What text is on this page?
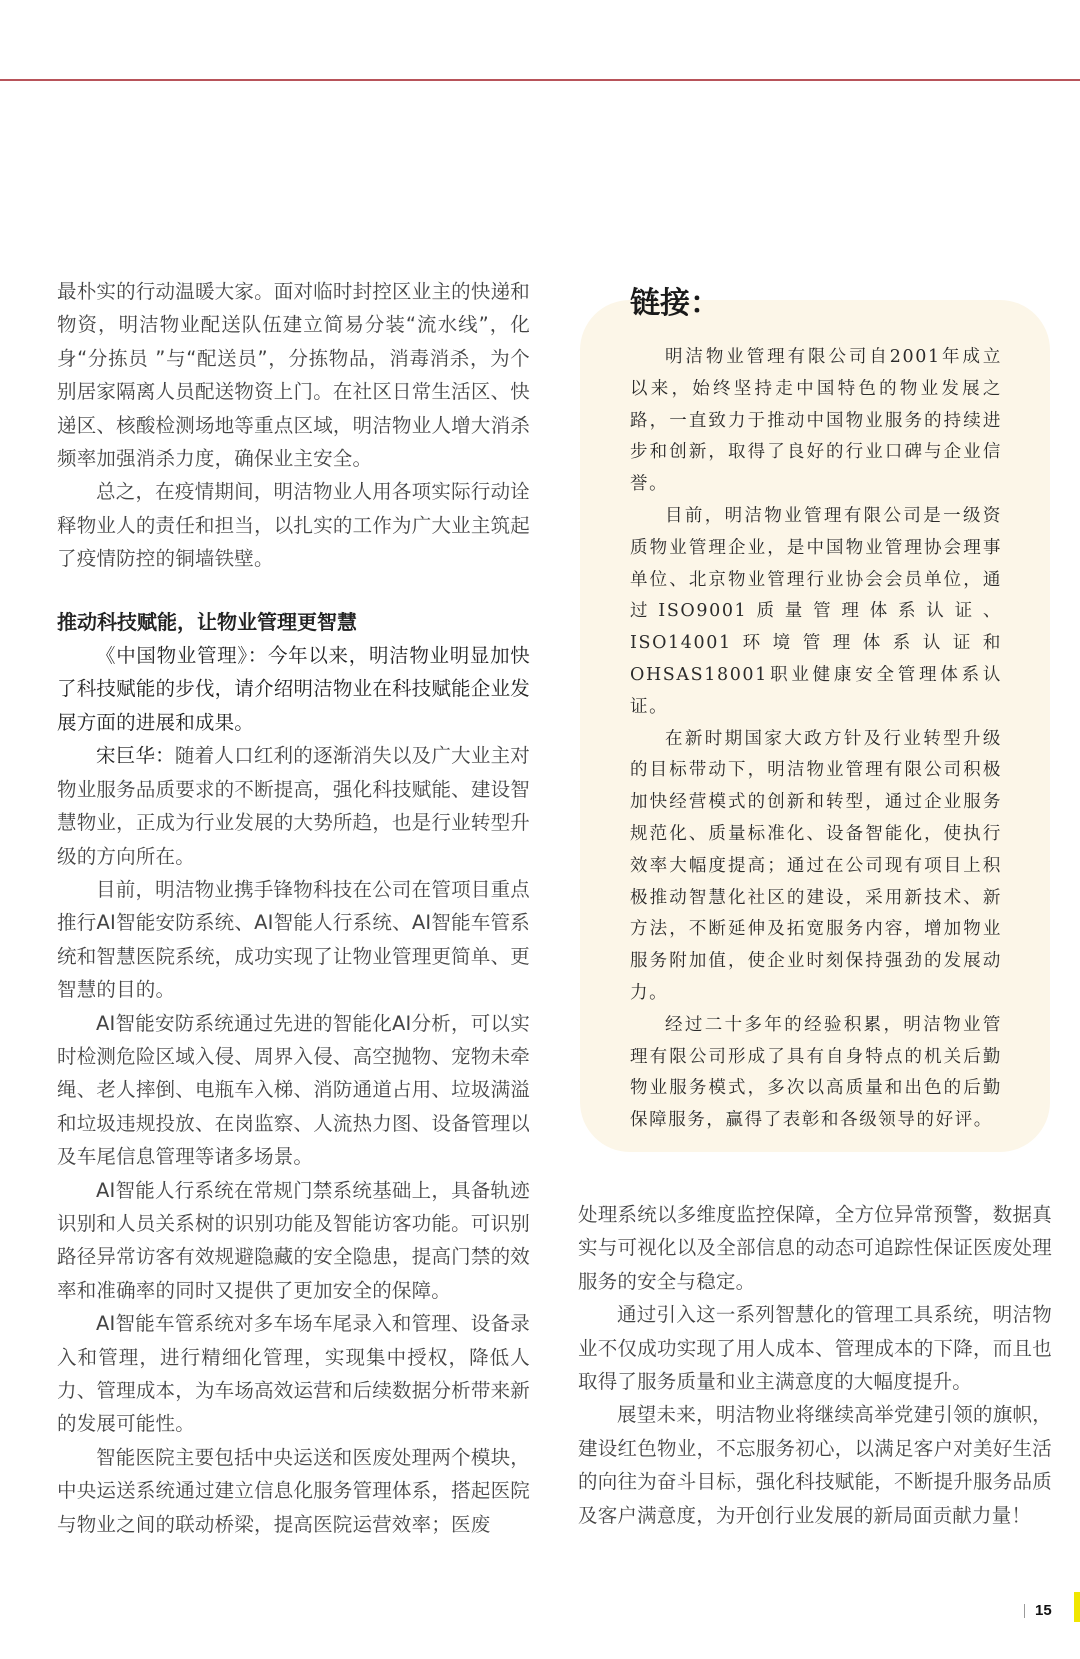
最朴实的行动温暖大家。面对临时封控区业主的快递和物资，明洁物业配送队伍建立简易分装“流水线”，化身“分拣员 ”与“配送员”，分拣物品，消毒消杀，为个别居家隔离人员配送物资上门。在社区日常生活区、快递区、核酸检测场地等重点区域，明洁物业人增大消杀频率加强消杀力度，确保业主安全。

总之，在疫情期间，明洁物业人用各项实际行动诠释物业人的责任和担当，以扎实的工作为广大业主筑起了疫情防控的铜墙铁壁。

推动科技赋能，让物业管理更智慧

《中国物业管理》：今年以来，明洁物业明显加快了科技赋能的步伐，请介绍明洁物业在科技赋能企业发展方面的进展和成果。

宋巨华：随着人口红利的逐渐消失以及广大业主对物业服务品质要求的不断提高，强化科技赋能、建设智慧物业，正成为行业发展的大势所趋，也是行业转型升级的方向所在。

目前，明洁物业携手锋物科技在公司在管项目重点推行AI智能安防系统、AI智能人行系统、AI智能车管系统和智慧医院系统，成功实现了让物业管理更简单、更智慧的目的。

AI智能安防系统通过先进的智能化AI分析，可以实时检测危险区域入侵、周界入侵、高空抛物、宠物未牵绳、老人摔倒、电瓶车入梯、消防通道占用、垃圾满溢和垃圾违规投放、在岗监察、人流热力图、设备管理以及车尾信息管理等诸多场景。

AI智能人行系统在常规门禁系统基础上，具备轨迹识别和人员关系树的识别功能及智能访客功能。可识别路径异常访客有效规避隐藏的安全隐患，提高门禁的效率和准确率的同时又提供了更加安全的保障。

AI智能车管系统对多车场车尾录入和管理、设备录入和管理，进行精细化管理，实现集中授权，降低人力、管理成本，为车场高效运营和后续数据分析带来新的发展可能性。

智能医院主要包括中央运送和医废处理两个模块，中央运送系统通过建立信息化服务管理体系，搭起医院与物业之间的联动桥梁，提高医院运营效率；医废

链接：

明洁物业管理有限公司自2001年成立以来，始终坚持走中国特色的物业发展之路，一直致力于推动中国物业服务的持续进步和创新，取得了良好的行业口碑与企业信誉。

目前，明洁物业管理有限公司是一级资质物业管理企业，是中国物业管理协会理事单位、北京物业管理行业协会会员单位，通过ISO9001质量管理体系认证、ISO14001环境管理体系认证和 OHSAS18001职业健康安全管理体系认证。

在新时期国家大政方针及行业转型升级的目标带动下，明洁物业管理有限公司积极加快经营模式的创新和转型，通过企业服务规范化、质量标准化、设备智能化，使执行效率大幅度提高；通过在公司现有项目上积极推动智慧化社区的建设，采用新技术、新方法，不断延伸及拓宽服务内容，增加物业服务附加值，使企业时刻保持强劲的发展动力。

经过二十多年的经验积累，明洁物业管理有限公司形成了具有自身特点的机关后勤物业服务模式，多次以高质量和出色的后勤保障服务，赢得了表彰和各级领导的好评。

处理系统以多维度监控保障，全方位异常预警，数据真实与可视化以及全部信息的动态可追踪性保证医废处理服务的安全与稳定。

通过引入这一系列智慧化的管理工具系统，明洁物业不仅成功实现了用人成本、管理成本的下降，而且也取得了服务质量和业主满意度的大幅度提升。

展望未来，明洁物业将继续高举党建引领的旗帜，建设红色物业，不忘服务初心，以满足客户对美好生活的向往为奋斗目标，强化科技赋能，不断提升服务品质及客户满意度，为开创行业发展的新局面贡献力量！

15
